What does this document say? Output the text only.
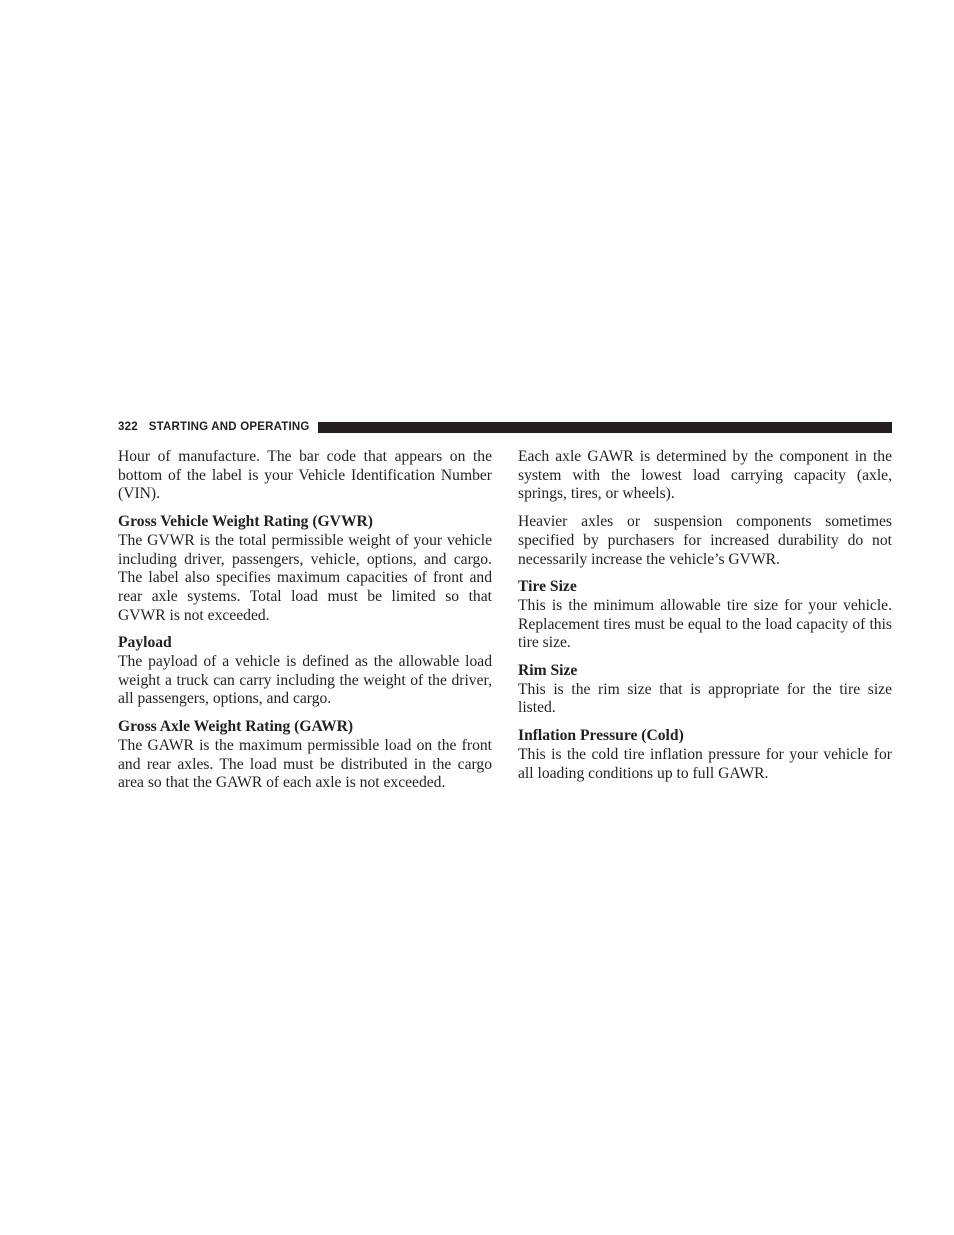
322 STARTING AND OPERATING

Hour of manufacture. The bar code that appears on the bottom of the label is your Vehicle Identification Number (VIN).

Gross Vehicle Weight Rating (GVWR)

The GVWR is the total permissible weight of your vehicle including driver, passengers, vehicle, options, and cargo. The label also specifies maximum capacities of front and rear axle systems. Total load must be limited so that GVWR is not exceeded.

Payload

The payload of a vehicle is defined as the allowable load weight a truck can carry including the weight of the driver, all passengers, options, and cargo.

Gross Axle Weight Rating (GAWR)

The GAWR is the maximum permissible load on the front and rear axles. The load must be distributed in the cargo area so that the GAWR of each axle is not exceeded.

Each axle GAWR is determined by the component in the system with the lowest load carrying capacity (axle, springs, tires, or wheels).

Heavier axles or suspension components sometimes specified by purchasers for increased durability do not necessarily increase the vehicle’s GVWR.

Tire Size

This is the minimum allowable tire size for your vehicle. Replacement tires must be equal to the load capacity of this tire size.

Rim Size

This is the rim size that is appropriate for the tire size listed.

Inflation Pressure (Cold)

This is the cold tire inflation pressure for your vehicle for all loading conditions up to full GAWR.
